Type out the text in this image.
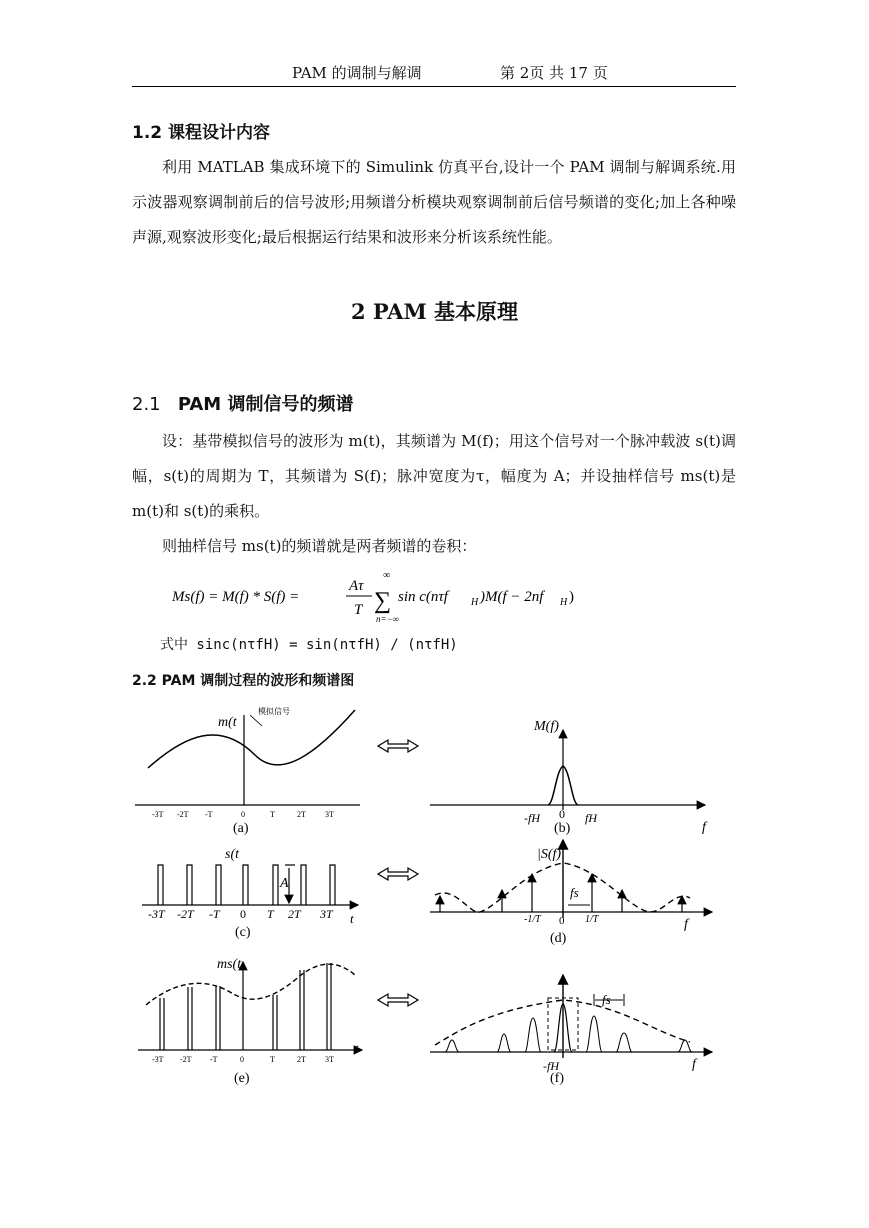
PAM 的调制与解调	第 2页 共 17 页
1.2 课程设计内容
利用 MATLAB 集成环境下的 Simulink 仿真平台,设计一个 PAM 调制与解调系统.用示波器观察调制前后的信号波形;用频谱分析模块观察调制前后信号频谱的变化;加上各种噪声源,观察波形变化;最后根据运行结果和波形来分析该系统性能。
2 PAM 基本原理
2.1 PAM 调制信号的频谱
设：基带模拟信号的波形为 m(t)，其频谱为 M(f)；用这个信号对一个脉冲载波 s(t)调幅，s(t)的周期为 T，其频谱为 S(f)；脉冲宽度为τ，幅度为 A；并设抽样信号 ms(t)是 m(t)和 s(t)的乘积。
则抽样信号 ms(t)的频谱就是两者频谱的卷积：
Ms(f) = M(f) * S(f) =
Aτ
T
∞
∑
n=−∞
sin c(nτf H )M(f − 2nf H )
式中 sinc(nτfH) = sin(nτfH) / (nτfH)
2.2 PAM 调制过程的波形和频谱图
m(t
模拟信号
-3T -2T -T	0	T	2T 3T
(a)
M(f)
-fH 0 fH
(b)	f
s(t
A
-3T -2T -T 0 T 2T 3T t
(c)
|S(f)
fs
-1/T 0 1/T	f
(d)
ms(t
-3T -2T -T	0	T	2T 3T
t
(e)
fs
-fH	f
(f)
